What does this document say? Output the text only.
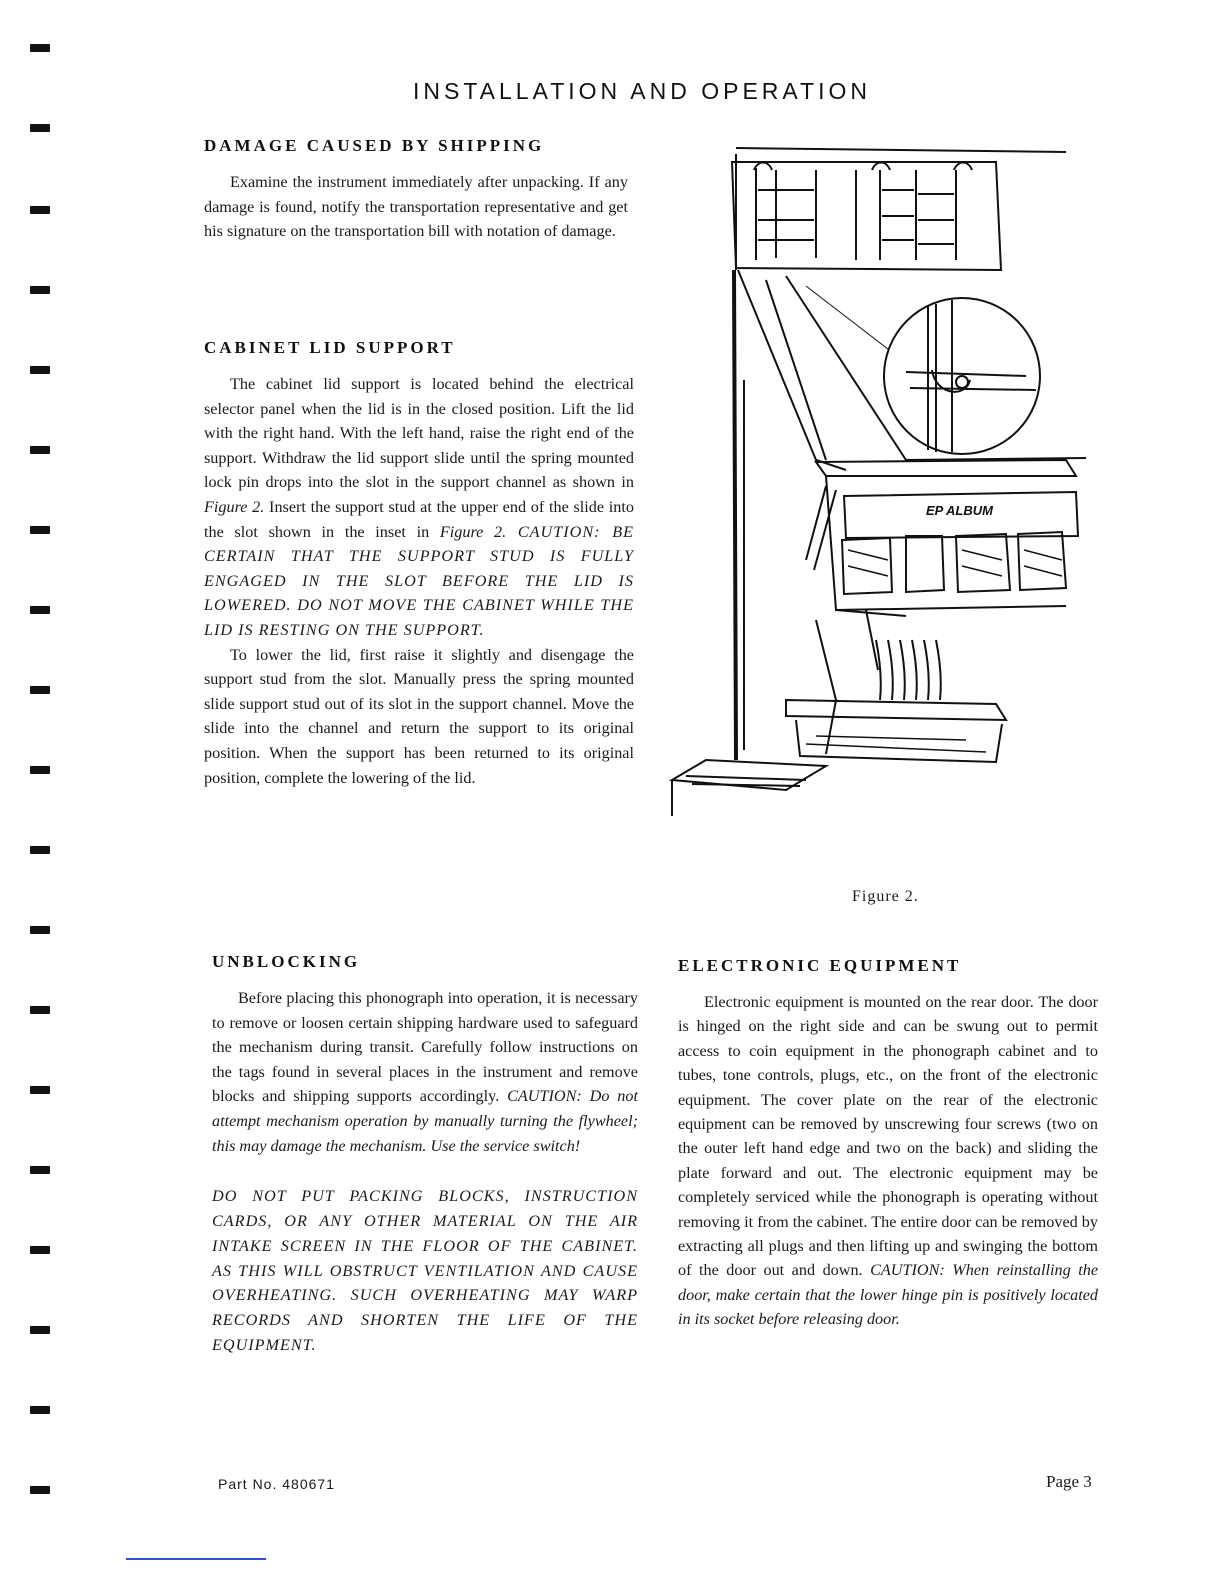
INSTALLATION AND OPERATION
DAMAGE CAUSED BY SHIPPING

Examine the instrument immediately after unpacking. If any damage is found, notify the transportation representative and get his signature on the transportation bill with notation of damage.

CABINET LID SUPPORT

The cabinet lid support is located behind the electrical selector panel when the lid is in the closed position. Lift the lid with the right hand. With the left hand, raise the right end of the support. Withdraw the lid support slide until the spring mounted lock pin drops into the slot in the support channel as shown in Figure 2. Insert the support stud at the upper end of the slide into the slot shown in the inset in Figure 2. CAUTION: BE CERTAIN THAT THE SUPPORT STUD IS FULLY ENGAGED IN THE SLOT BEFORE THE LID IS LOWERED. DO NOT MOVE THE CABINET WHILE THE LID IS RESTING ON THE SUPPORT.

To lower the lid, first raise it slightly and disengage the support stud from the slot. Manually press the spring mounted slide support stud out of its slot in the support channel. Move the slide into the channel and return the support to its original position. When the support has been returned to its original position, complete the lowering of the lid.

UNBLOCKING

Before placing this phonograph into operation, it is necessary to remove or loosen certain shipping hardware used to safeguard the mechanism during transit. Carefully follow instructions on the tags found in several places in the instrument and remove blocks and shipping supports accordingly. CAUTION: Do not attempt mechanism operation by manually turning the flywheel; this may damage the mechanism. Use the service switch!

DO NOT PUT PACKING BLOCKS, INSTRUCTION CARDS, OR ANY OTHER MATERIAL ON THE AIR INTAKE SCREEN IN THE FLOOR OF THE CABINET. AS THIS WILL OBSTRUCT VENTILATION AND CAUSE OVERHEATING. SUCH OVERHEATING MAY WARP RECORDS AND SHORTEN THE LIFE OF THE EQUIPMENT.

ELECTRONIC EQUIPMENT

Electronic equipment is mounted on the rear door. The door is hinged on the right side and can be swung out to permit access to coin equipment in the phonograph cabinet and to tubes, tone controls, plugs, etc., on the front of the electronic equipment. The cover plate on the rear of the electronic equipment can be removed by unscrewing four screws (two on the outer left hand edge and two on the back) and sliding the plate forward and out. The electronic equipment may be completely serviced while the phonograph is operating without removing it from the cabinet. The entire door can be removed by extracting all plugs and then lifting up and swinging the bottom of the door out and down. CAUTION: When reinstalling the door, make certain that the lower hinge pin is positively located in its socket before releasing door.

EP ALBUM
Figure 2.
Part No. 480671	Page 3
